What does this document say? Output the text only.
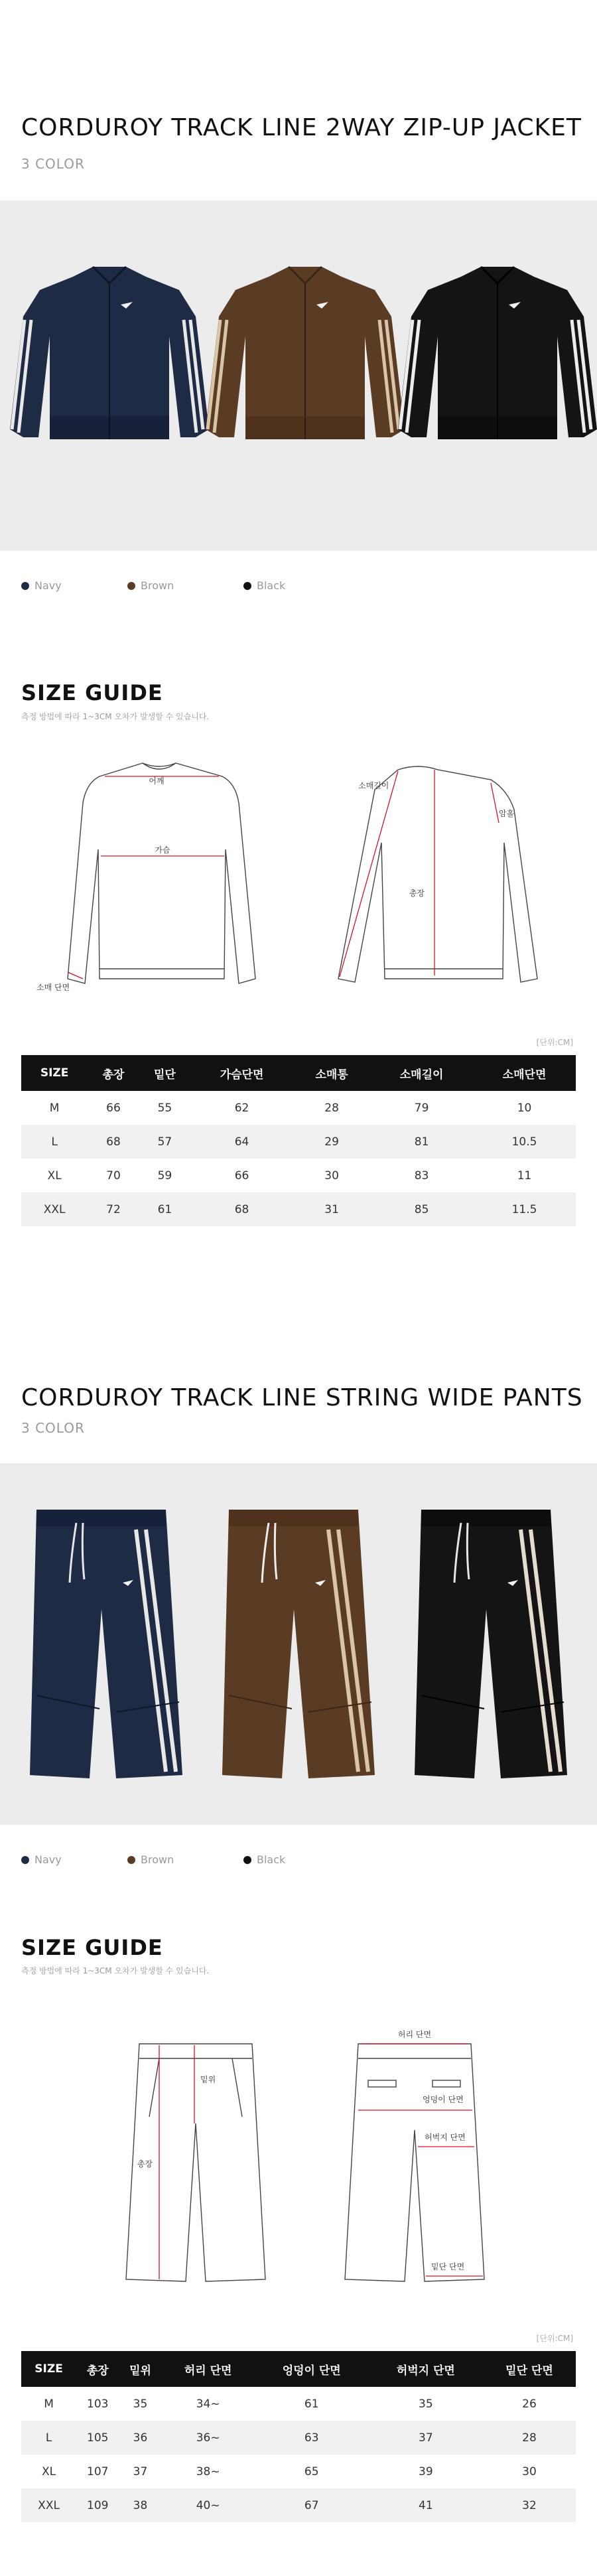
CORDUROY TRACK LINE 2WAY ZIP-UP JACKET
3 COLOR
Navy	Brown	Black
SIZE GUIDE
측정 방법에 따라 1~3CM 오차가 발생할 수 있습니다.
어깨
가슴
소매 단면
소매길이
총장
암홀
[단위:CM]
SIZE	총장	밑단	가슴단면	소매통	소매길이	소매단면
M	66	55	62	28	79	10
L	68	57	64	29	81	10.5
XL	70	59	66	30	83	11
XXL	72	61	68	31	85	11.5
CORDUROY TRACK LINE STRING WIDE PANTS
3 COLOR
Navy	Brown	Black
SIZE GUIDE
측정 방법에 따라 1~3CM 오차가 발생할 수 있습니다.
밑위
총장
허리 단면
엉덩이 단면
허벅지 단면
밑단 단면
[단위:CM]
SIZE	총장	밑위	허리 단면	엉덩이 단면	허벅지 단면	밑단 단면
M	103	35	34~	61	35	26
L	105	36	36~	63	37	28
XL	107	37	38~	65	39	30
XXL	109	38	40~	67	41	32
